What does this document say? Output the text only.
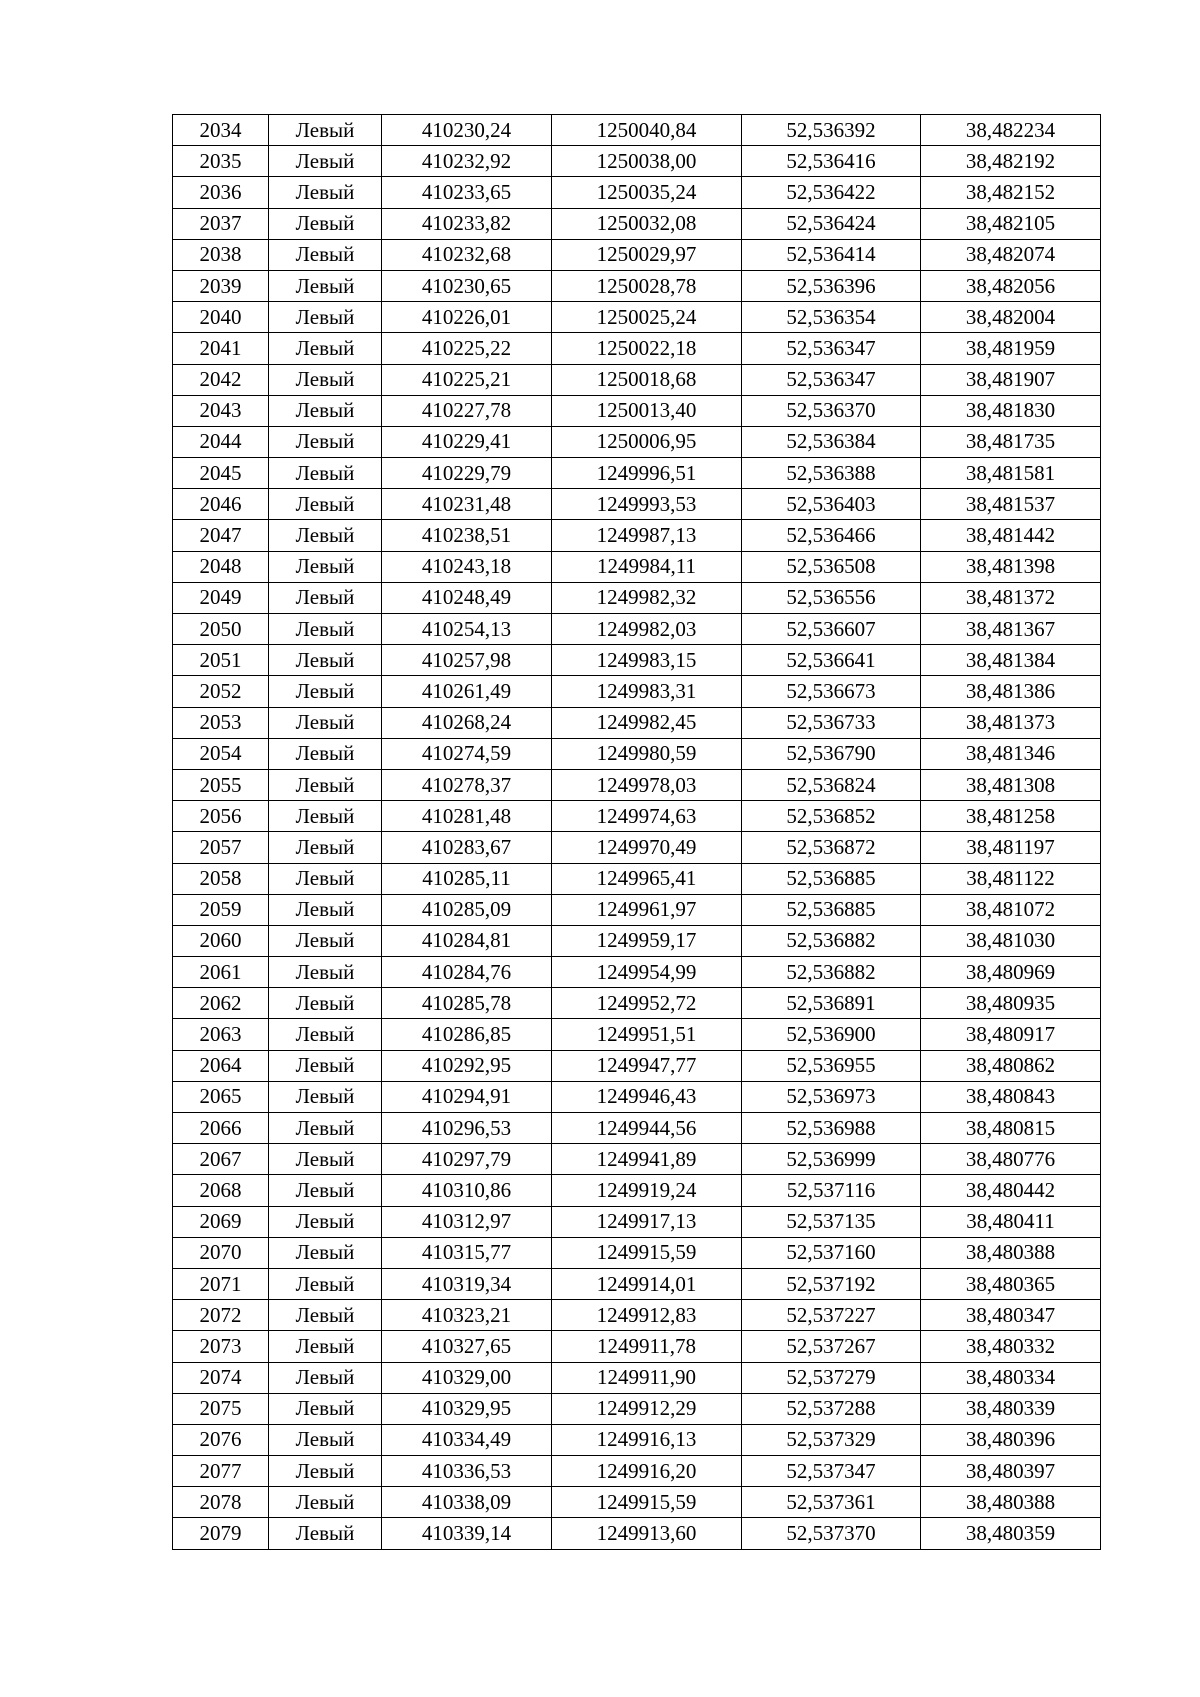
2034	Левый	410230,24	1250040,84	52,536392	38,482234
2035	Левый	410232,92	1250038,00	52,536416	38,482192
2036	Левый	410233,65	1250035,24	52,536422	38,482152
2037	Левый	410233,82	1250032,08	52,536424	38,482105
2038	Левый	410232,68	1250029,97	52,536414	38,482074
2039	Левый	410230,65	1250028,78	52,536396	38,482056
2040	Левый	410226,01	1250025,24	52,536354	38,482004
2041	Левый	410225,22	1250022,18	52,536347	38,481959
2042	Левый	410225,21	1250018,68	52,536347	38,481907
2043	Левый	410227,78	1250013,40	52,536370	38,481830
2044	Левый	410229,41	1250006,95	52,536384	38,481735
2045	Левый	410229,79	1249996,51	52,536388	38,481581
2046	Левый	410231,48	1249993,53	52,536403	38,481537
2047	Левый	410238,51	1249987,13	52,536466	38,481442
2048	Левый	410243,18	1249984,11	52,536508	38,481398
2049	Левый	410248,49	1249982,32	52,536556	38,481372
2050	Левый	410254,13	1249982,03	52,536607	38,481367
2051	Левый	410257,98	1249983,15	52,536641	38,481384
2052	Левый	410261,49	1249983,31	52,536673	38,481386
2053	Левый	410268,24	1249982,45	52,536733	38,481373
2054	Левый	410274,59	1249980,59	52,536790	38,481346
2055	Левый	410278,37	1249978,03	52,536824	38,481308
2056	Левый	410281,48	1249974,63	52,536852	38,481258
2057	Левый	410283,67	1249970,49	52,536872	38,481197
2058	Левый	410285,11	1249965,41	52,536885	38,481122
2059	Левый	410285,09	1249961,97	52,536885	38,481072
2060	Левый	410284,81	1249959,17	52,536882	38,481030
2061	Левый	410284,76	1249954,99	52,536882	38,480969
2062	Левый	410285,78	1249952,72	52,536891	38,480935
2063	Левый	410286,85	1249951,51	52,536900	38,480917
2064	Левый	410292,95	1249947,77	52,536955	38,480862
2065	Левый	410294,91	1249946,43	52,536973	38,480843
2066	Левый	410296,53	1249944,56	52,536988	38,480815
2067	Левый	410297,79	1249941,89	52,536999	38,480776
2068	Левый	410310,86	1249919,24	52,537116	38,480442
2069	Левый	410312,97	1249917,13	52,537135	38,480411
2070	Левый	410315,77	1249915,59	52,537160	38,480388
2071	Левый	410319,34	1249914,01	52,537192	38,480365
2072	Левый	410323,21	1249912,83	52,537227	38,480347
2073	Левый	410327,65	1249911,78	52,537267	38,480332
2074	Левый	410329,00	1249911,90	52,537279	38,480334
2075	Левый	410329,95	1249912,29	52,537288	38,480339
2076	Левый	410334,49	1249916,13	52,537329	38,480396
2077	Левый	410336,53	1249916,20	52,537347	38,480397
2078	Левый	410338,09	1249915,59	52,537361	38,480388
2079	Левый	410339,14	1249913,60	52,537370	38,480359
